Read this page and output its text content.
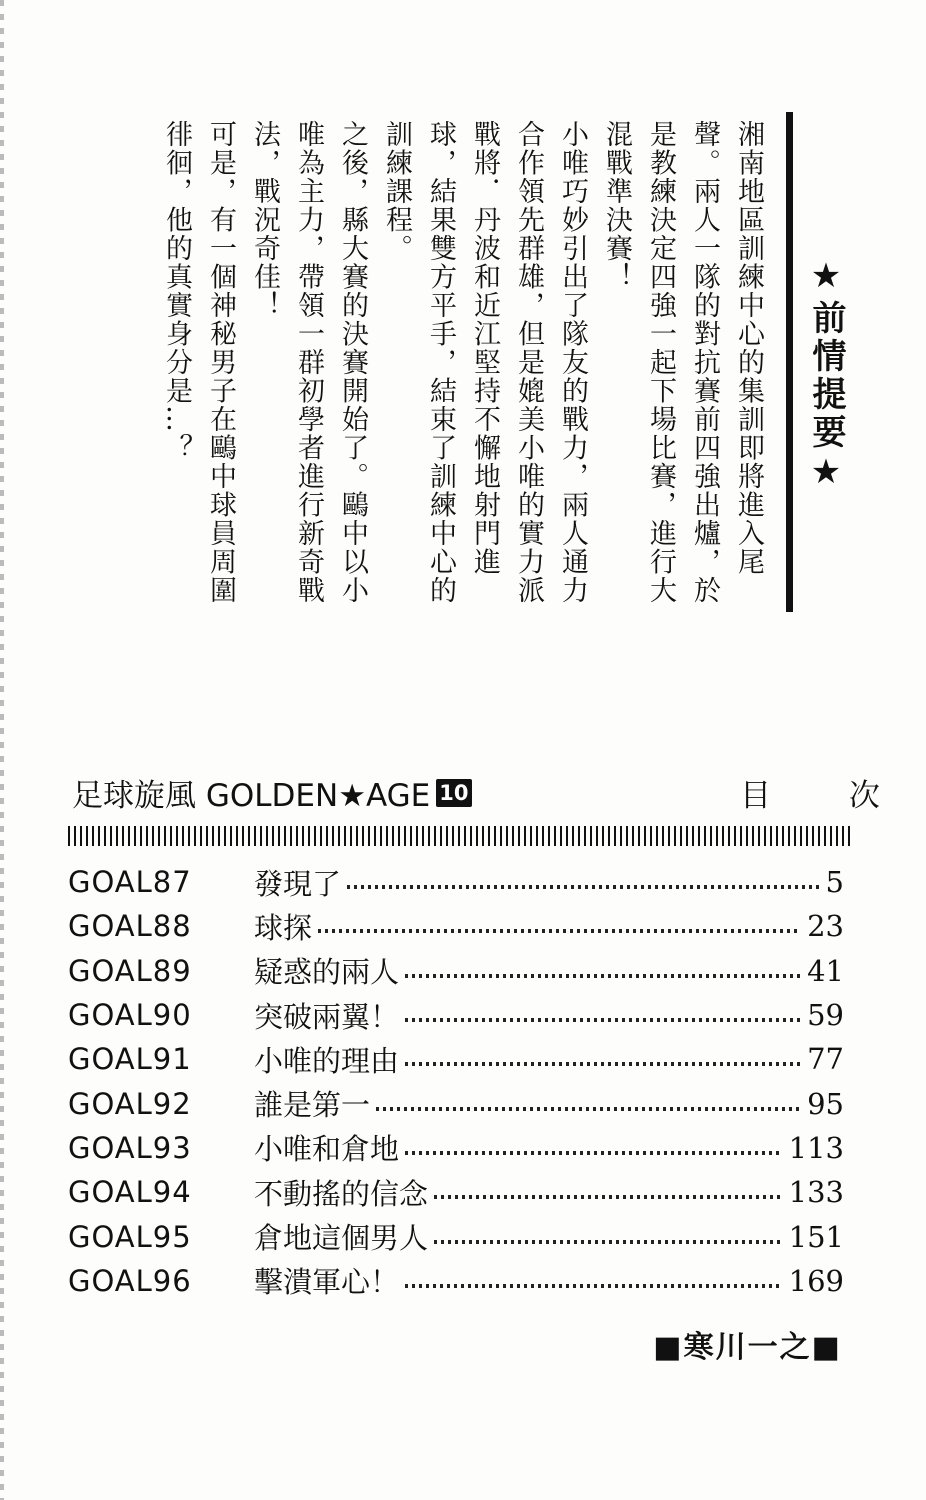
★前情提要★

湘南地區訓練中心的集訓即將進入尾聲。兩人一隊的對抗賽前四強出爐，於是教練決定四強一起下場比賽，進行大混戰準決賽！

小唯巧妙引出了隊友的戰力，兩人通力合作領先群雄，但是媲美小唯的實力派戰將．丹波和近江堅持不懈地射門進球，結果雙方平手，結束了訓練中心的訓練課程。

之後，縣大賽的決賽開始了。鷗中以小唯為主力，帶領一群初學者進行新奇戰法，戰況奇佳！

可是，有一個神秘男子在鷗中球員周圍徘徊，他的真實身分是…？

足球旋風 GOLDEN★AGE 10	目 次
GOAL87	發現了	5
GOAL88	球探	23
GOAL89	疑惑的兩人	41
GOAL90	突破兩翼！	59
GOAL91	小唯的理由	77
GOAL92	誰是第一	95
GOAL93	小唯和倉地	113
GOAL94	不動搖的信念	133
GOAL95	倉地這個男人	151
GOAL96	擊潰軍心！	169
■寒川一之■
